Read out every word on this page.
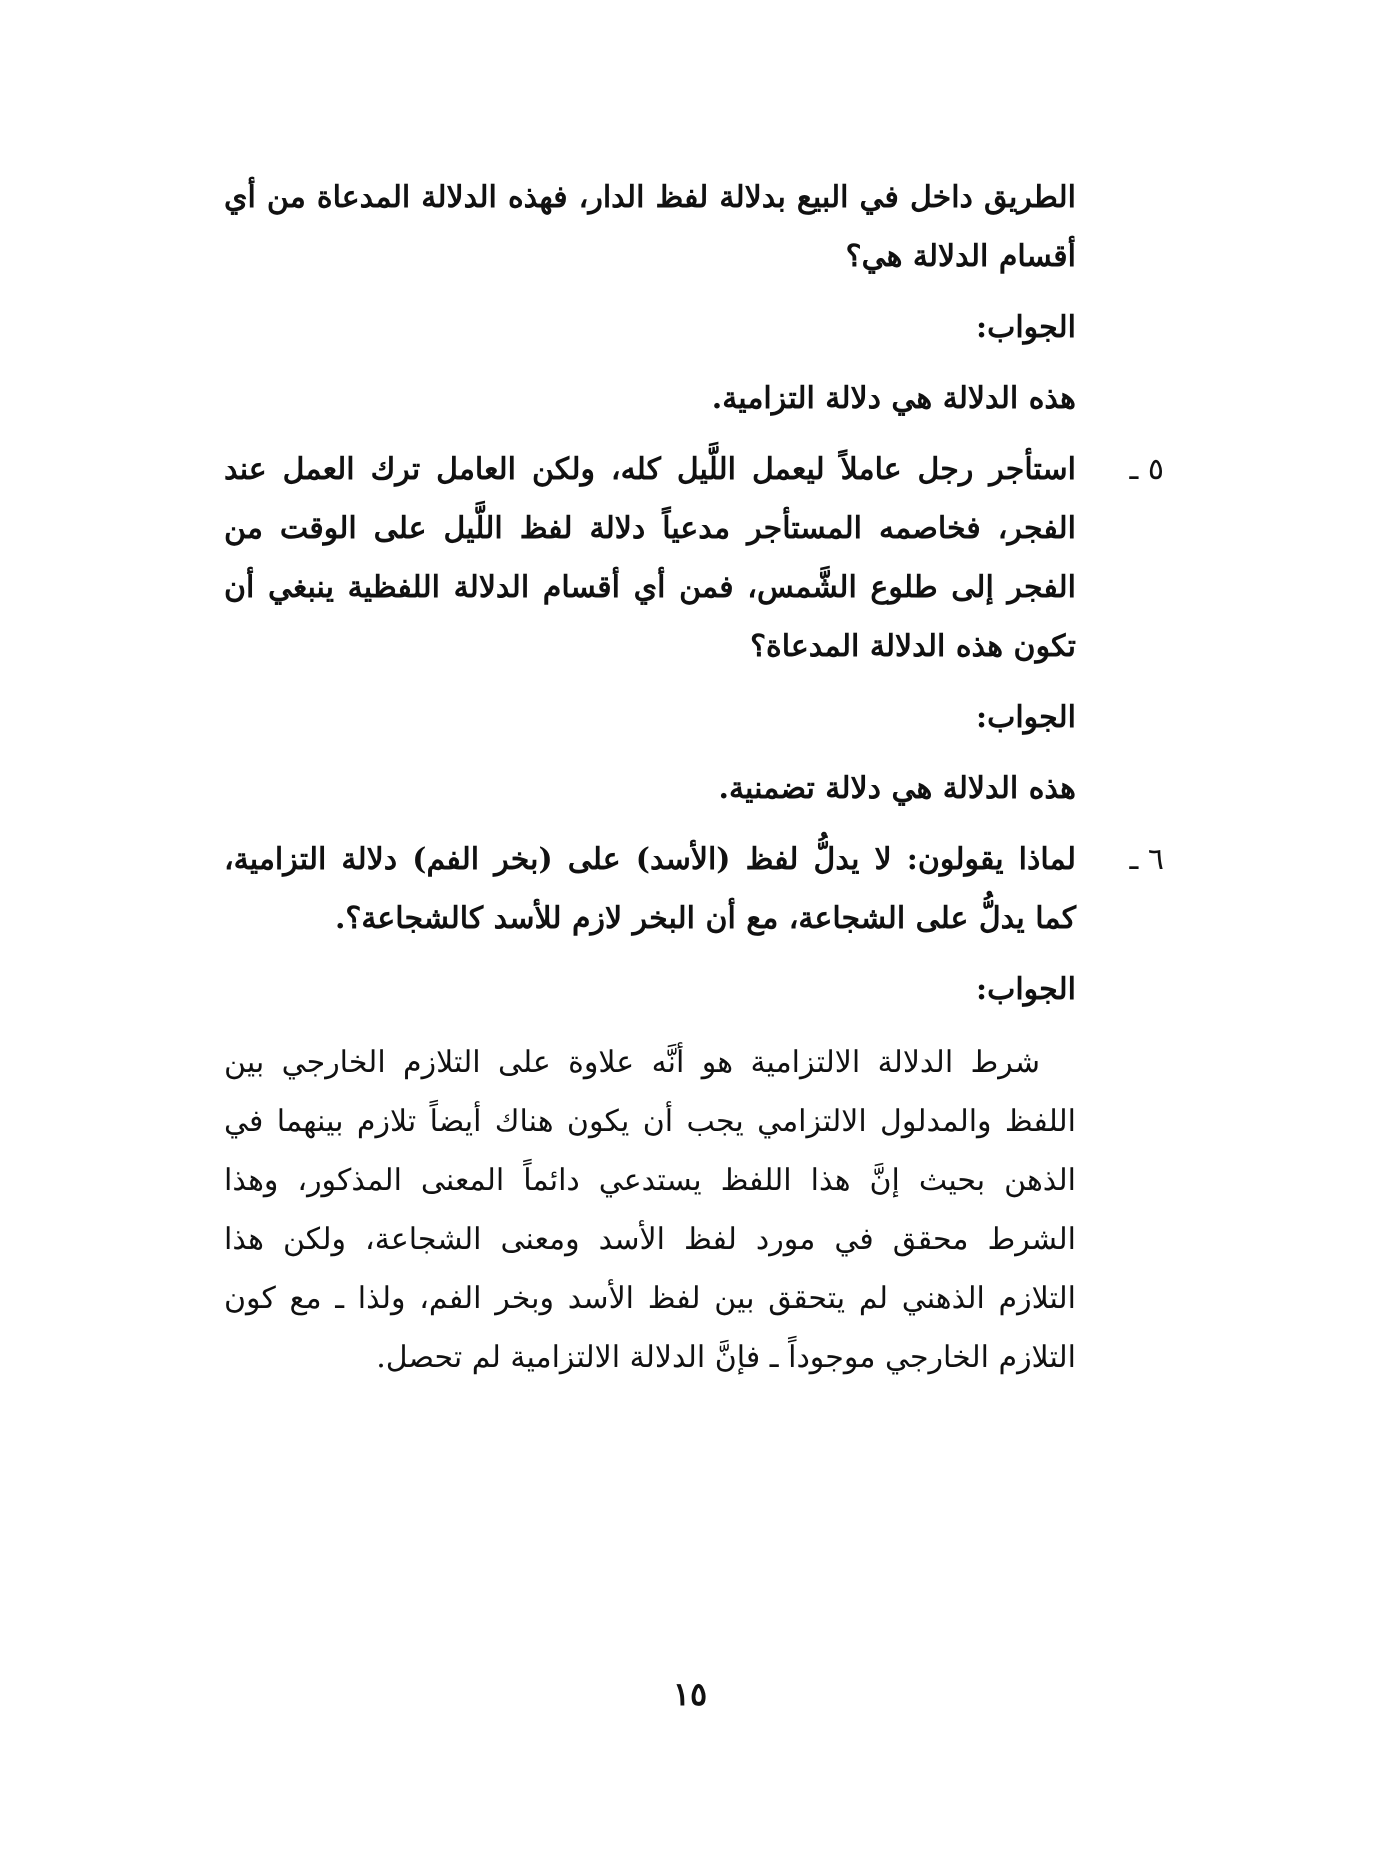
الطريق داخل في البيع بدلالة لفظ الدار، فهذه الدلالة المدعاة من أي أقسام الدلالة هي؟

الجواب:

هذه الدلالة هي دلالة التزامية.

٥ ـ

استأجر رجل عاملاً ليعمل اللَّيل كله، ولكن العامل ترك العمل عند الفجر، فخاصمه المستأجر مدعياً دلالة لفظ اللَّيل على الوقت من الفجر إلى طلوع الشَّمس، فمن أي أقسام الدلالة اللفظية ينبغي أن تكون هذه الدلالة المدعاة؟

الجواب:

هذه الدلالة هي دلالة تضمنية.

٦ ـ

لماذا يقولون: لا يدلُّ لفظ (الأسد) على (بخر الفم) دلالة التزامية، كما يدلُّ على الشجاعة، مع أن البخر لازم للأسد كالشجاعة؟.

الجواب:

شرط الدلالة الالتزامية هو أنَّه علاوة على التلازم الخارجي بين اللفظ والمدلول الالتزامي يجب أن يكون هناك أيضاً تلازم بينهما في الذهن بحيث إنَّ هذا اللفظ يستدعي دائماً المعنى المذكور، وهذا الشرط محقق في مورد لفظ الأسد ومعنى الشجاعة، ولكن هذا التلازم الذهني لم يتحقق بين لفظ الأسد وبخر الفم، ولذا ـ مع كون التلازم الخارجي موجوداً ـ فإنَّ الدلالة الالتزامية لم تحصل.

١٥
